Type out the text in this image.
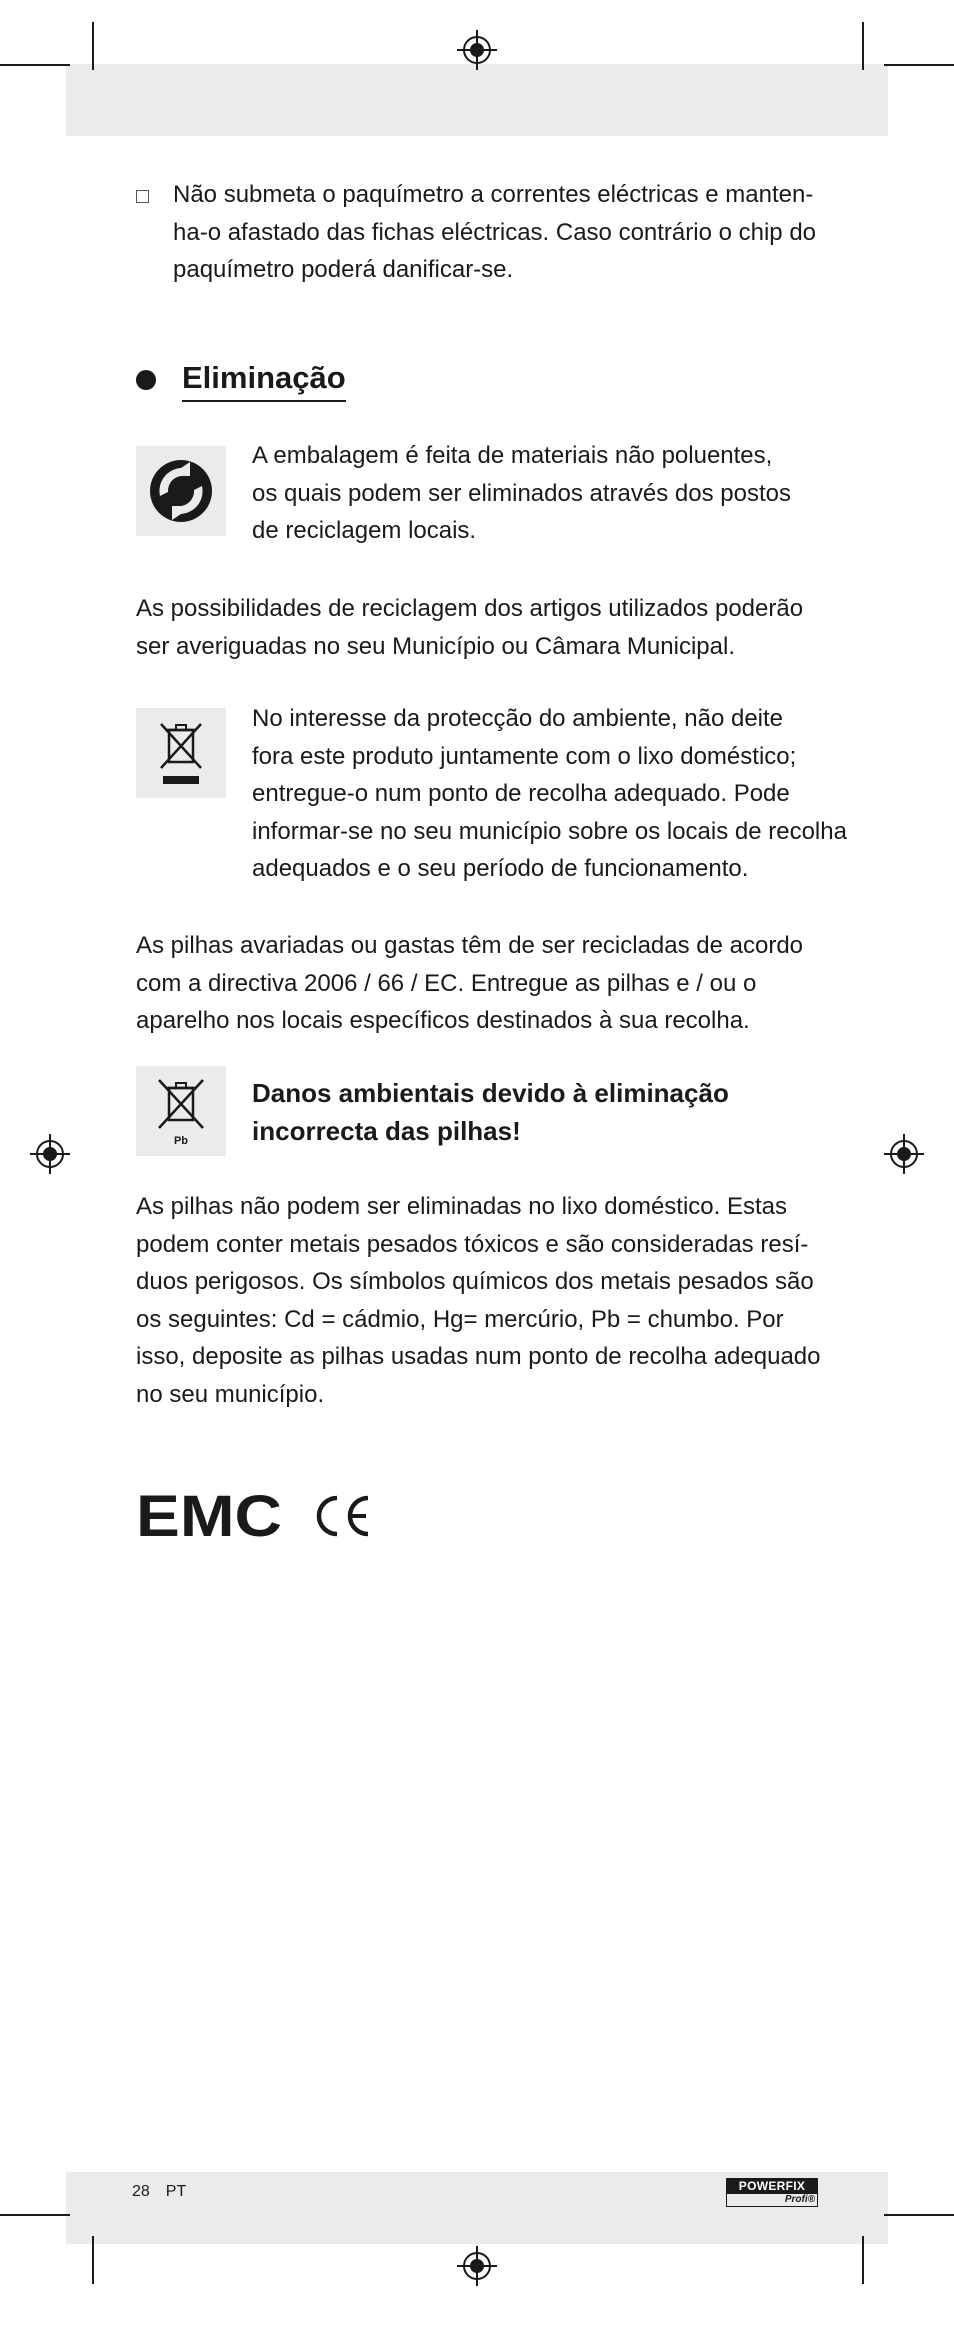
Não submeta o paquímetro a correntes eléctricas e manten-
ha-o afastado das fichas eléctricas. Caso contrário o chip do
paquímetro poderá danificar-se.
Eliminação
A embalagem é feita de materiais não poluentes,
os quais podem ser eliminados através dos postos
de reciclagem locais.
As possibilidades de reciclagem dos artigos utilizados poderão
ser averiguadas no seu Município ou Câmara Municipal.
No interesse da protecção do ambiente, não deite
fora este produto juntamente com o lixo doméstico;
entregue-o num ponto de recolha adequado. Pode
informar-se no seu município sobre os locais de recolha
adequados e o seu período de funcionamento.
As pilhas avariadas ou gastas têm de ser recicladas de acordo
com a directiva 2006 / 66 / EC. Entregue as pilhas e / ou o
aparelho nos locais específicos destinados à sua recolha.
Pb
Danos ambientais devido à eliminação
incorrecta das pilhas!
As pilhas não podem ser eliminadas no lixo doméstico. Estas
podem conter metais pesados tóxicos e são consideradas resí-
duos perigosos. Os símbolos químicos dos metais pesados são
os seguintes: Cd = cádmio, Hg= mercúrio, Pb = chumbo. Por
isso, deposite as pilhas usadas num ponto de recolha adequado
no seu município.
EMC
28 PT	POWERFIX
Profi®
